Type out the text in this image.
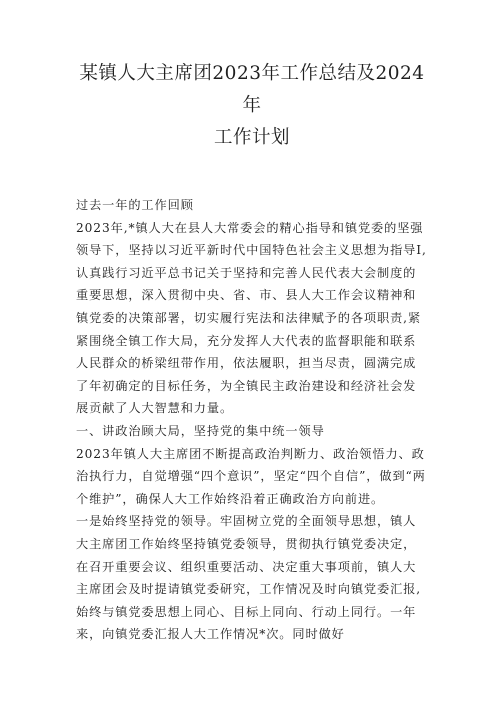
某镇人大主席团2023年工作总结及2024年
工作计划

过去一年的工作回顾

2023年,*镇人大在县人大常委会的精心指导和镇党委的坚强领导下，坚持以习近平新时代中国特色社会主义思想为指导I,认真践行习近平总书记关于坚持和完善人民代表大会制度的重要思想，深入贯彻中央、省、市、县人大工作会议精神和镇党委的决策部署，切实履行宪法和法律赋予的各项职责,紧紧围绕全镇工作大局，充分发挥人大代表的监督职能和联系人民群众的桥梁纽带作用，依法履职，担当尽责，圆满完成了年初确定的目标任务，为全镇民主政治建设和经济社会发展贡献了人大智慧和力量。

一、讲政治顾大局，坚持党的集中统一领导

2023年镇人大主席团不断提高政治判断力、政治领悟力、政治执行力，自觉增强“四个意识”，坚定“四个自信”，做到“两个维护”，确保人大工作始终沿着正确政治方向前进。

一是始终坚持党的领导。牢固树立党的全面领导思想，镇人大主席团工作始终坚持镇党委领导，贯彻执行镇党委决定，在召开重要会议、组织重要活动、决定重大事项前，镇人大主席团会及时提请镇党委研究，工作情况及时向镇党委汇报,始终与镇党委思想上同心、目标上同向、行动上同行。一年来，向镇党委汇报人大工作情况*次。同时做好
